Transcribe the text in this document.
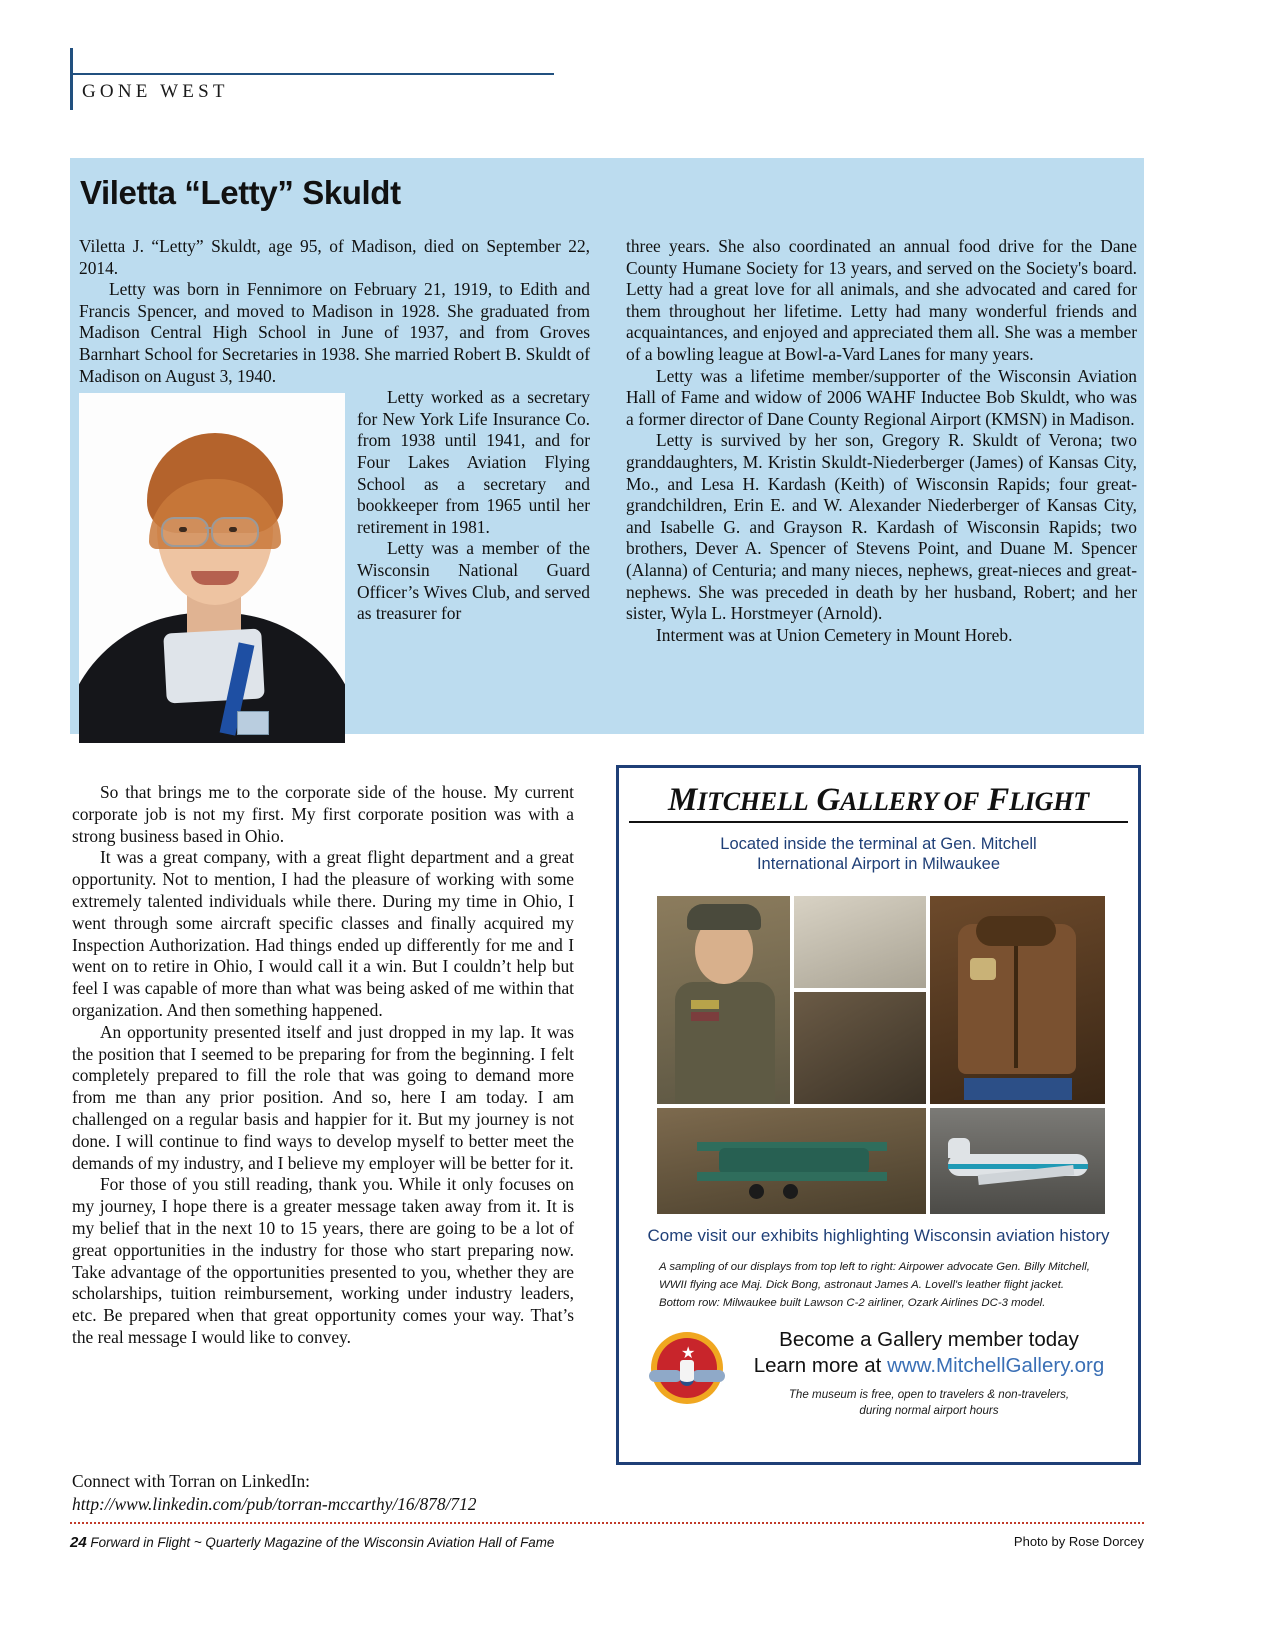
GONE WEST
Viletta “Letty” Skuldt

Viletta J. “Letty” Skuldt, age 95, of Madison, died on September 22, 2014.

Letty was born in Fennimore on February 21, 1919, to Edith and Francis Spencer, and moved to Madison in 1928. She graduated from Madison Central High School in June of 1937, and from Groves Barnhart School for Secretaries in 1938. She married Robert B. Skuldt of Madison on August 3, 1940.

Letty worked as a secretary for New York Life Insurance Co. from 1938 until 1941, and for Four Lakes Aviation Flying School as a secretary and bookkeeper from 1965 until her retirement in 1981.

Letty was a member of the Wisconsin National Guard Officer’s Wives Club, and served as treasurer for

three years. She also coordinated an annual food drive for the Dane County Humane Society for 13 years, and served on the Society's board. Letty had a great love for all animals, and she advocated and cared for them throughout her lifetime. Letty had many wonderful friends and acquaintances, and enjoyed and appreciated them all. She was a member of a bowling league at Bowl-a-Vard Lanes for many years.

Letty was a lifetime member/supporter of the Wisconsin Aviation Hall of Fame and widow of 2006 WAHF Inductee Bob Skuldt, who was a former director of Dane County Regional Airport (KMSN) in Madison.

Letty is survived by her son, Gregory R. Skuldt of Verona; two granddaughters, M. Kristin Skuldt-Niederberger (James) of Kansas City, Mo., and Lesa H. Kardash (Keith) of Wisconsin Rapids; four great-grandchildren, Erin E. and W. Alexander Niederberger of Kansas City, and Isabelle G. and Grayson R. Kardash of Wisconsin Rapids; two brothers, Dever A. Spencer of Stevens Point, and Duane M. Spencer (Alanna) of Centuria; and many nieces, nephews, great-nieces and great-nephews. She was preceded in death by her husband, Robert; and her sister, Wyla L. Horstmeyer (Arnold).

Interment was at Union Cemetery in Mount Horeb.

So that brings me to the corporate side of the house. My current corporate job is not my first. My first corporate position was with a strong business based in Ohio.

It was a great company, with a great flight department and a great opportunity. Not to mention, I had the pleasure of working with some extremely talented individuals while there. During my time in Ohio, I went through some aircraft specific classes and finally acquired my Inspection Authorization. Had things ended up differently for me and I went on to retire in Ohio, I would call it a win. But I couldn’t help but feel I was capable of more than what was being asked of me within that organization. And then something happened.

An opportunity presented itself and just dropped in my lap. It was the position that I seemed to be preparing for from the beginning. I felt completely prepared to fill the role that was going to demand more from me than any prior position. And so, here I am today. I am challenged on a regular basis and happier for it. But my journey is not done. I will continue to find ways to develop myself to better meet the demands of my industry, and I believe my employer will be better for it.

For those of you still reading, thank you. While it only focuses on my journey, I hope there is a greater message taken away from it. It is my belief that in the next 10 to 15 years, there are going to be a lot of great opportunities in the industry for those who start preparing now. Take advantage of the opportunities presented to you, whether they are scholarships, tuition reimbursement, working under industry leaders, etc. Be prepared when that great opportunity comes your way. That’s the real message I would like to convey.

Connect with Torran on LinkedIn:
http://www.linkedin.com/pub/torran-mccarthy/16/878/712
MITCHELL GALLERY OF FLIGHT
Located inside the terminal at Gen. Mitchell
International Airport in Milwaukee
Come visit our exhibits highlighting Wisconsin aviation history
A sampling of our displays from top left to right: Airpower advocate Gen. Billy Mitchell,
WWII flying ace Maj. Dick Bong, astronaut James A. Lovell's leather flight jacket.
Bottom row: Milwaukee built Lawson C-2 airliner, Ozark Airlines DC-3 model.
★
Become a Gallery member today
Learn more at www.MitchellGallery.org
The museum is free, open to travelers & non-travelers,
during normal airport hours
24 Forward in Flight ~ Quarterly Magazine of the Wisconsin Aviation Hall of Fame	Photo by Rose Dorcey
